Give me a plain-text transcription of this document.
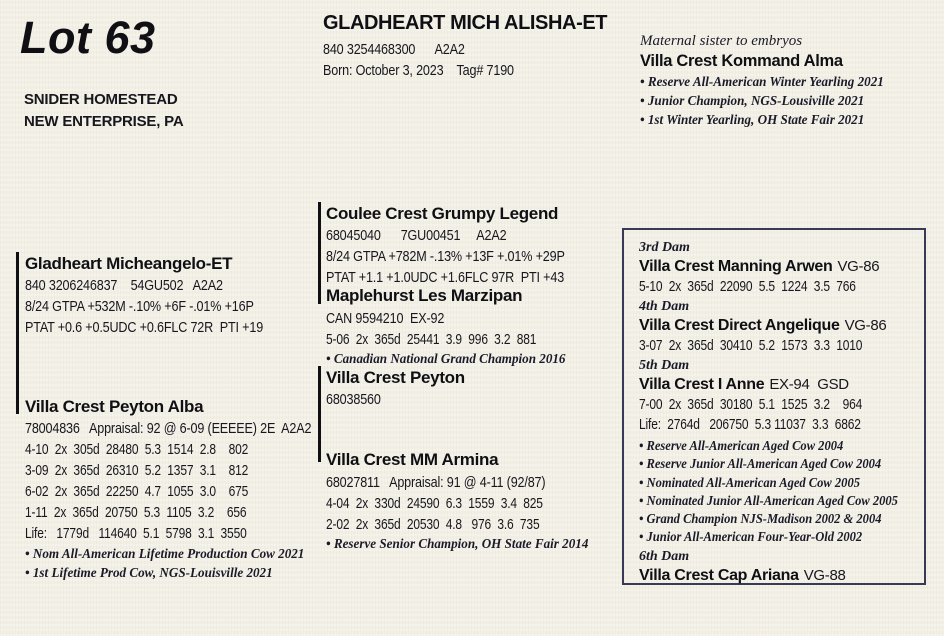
Lot 63
SNIDER HOMESTEAD
NEW ENTERPRISE, PA
GLADHEART MICH ALISHA-ET
840 3254468300      A2A2
Born: October 3, 2023    Tag# 7190
Maternal sister to embryos
Villa Crest Kommand Alma
• Reserve All-American Winter Yearling 2021
• Junior Champion, NGS-Lousiville 2021
• 1st Winter Yearling, OH State Fair 2021
Gladheart Micheangelo-ET
840 3206246837    54GU502   A2A2
8/24 GTPA +532M -.10% +6F -.01% +16P
PTAT +0.6 +0.5UDC +0.6FLC 72R  PTI +19
Villa Crest Peyton Alba
78004836   Appraisal: 92 @ 6-09 (EEEEE) 2E  A2A2
4-10  2x  305d  28480  5.3  1514  2.8    802
3-09  2x  365d  26310  5.2  1357  3.1    812
6-02  2x  365d  22250  4.7  1055  3.0    675
1-11  2x  365d  20750  5.3  1105  3.2    656
Life:   1779d   114640  5.1  5798  3.1  3550
• Nom All-American Lifetime Production Cow 2021
• 1st Lifetime Prod Cow, NGS-Louisville 2021
Coulee Crest Grumpy Legend
68045040      7GU00451     A2A2
8/24 GTPA +782M -.13% +13F +.01% +29P
PTAT +1.1 +1.0UDC +1.6FLC 97R  PTI +43
Maplehurst Les Marzipan
CAN 9594210  EX-92
5-06  2x  365d  25441  3.9  996  3.2  881
• Canadian National Grand Champion 2016
Villa Crest Peyton
68038560
Villa Crest MM Armina
68027811   Appraisal: 91 @ 4-11 (92/87)
4-04  2x  330d  24590  6.3  1559  3.4  825
2-02  2x  365d  20530  4.8   976  3.6  735
• Reserve Senior Champion, OH State Fair 2014
3rd Dam
Villa Crest Manning Arwen VG-86
5-10  2x  365d  22090  5.5  1224  3.5  766
4th Dam
Villa Crest Direct Angelique VG-86
3-07  2x  365d  30410  5.2  1573  3.3  1010
5th Dam
Villa Crest I Anne EX-94  GSD
7-00  2x  365d  30180  5.1  1525  3.2    964
Life:  2764d   206750  5.3 11037  3.3  6862
• Reserve All-American Aged Cow 2004
• Reserve Junior All-American Aged Cow 2004
• Nominated All-American Aged Cow 2005
• Nominated Junior All-American Aged Cow 2005
• Grand Champion NJS-Madison 2002 & 2004
• Junior All-American Four-Year-Old 2002
6th Dam
Villa Crest Cap Ariana VG-88
